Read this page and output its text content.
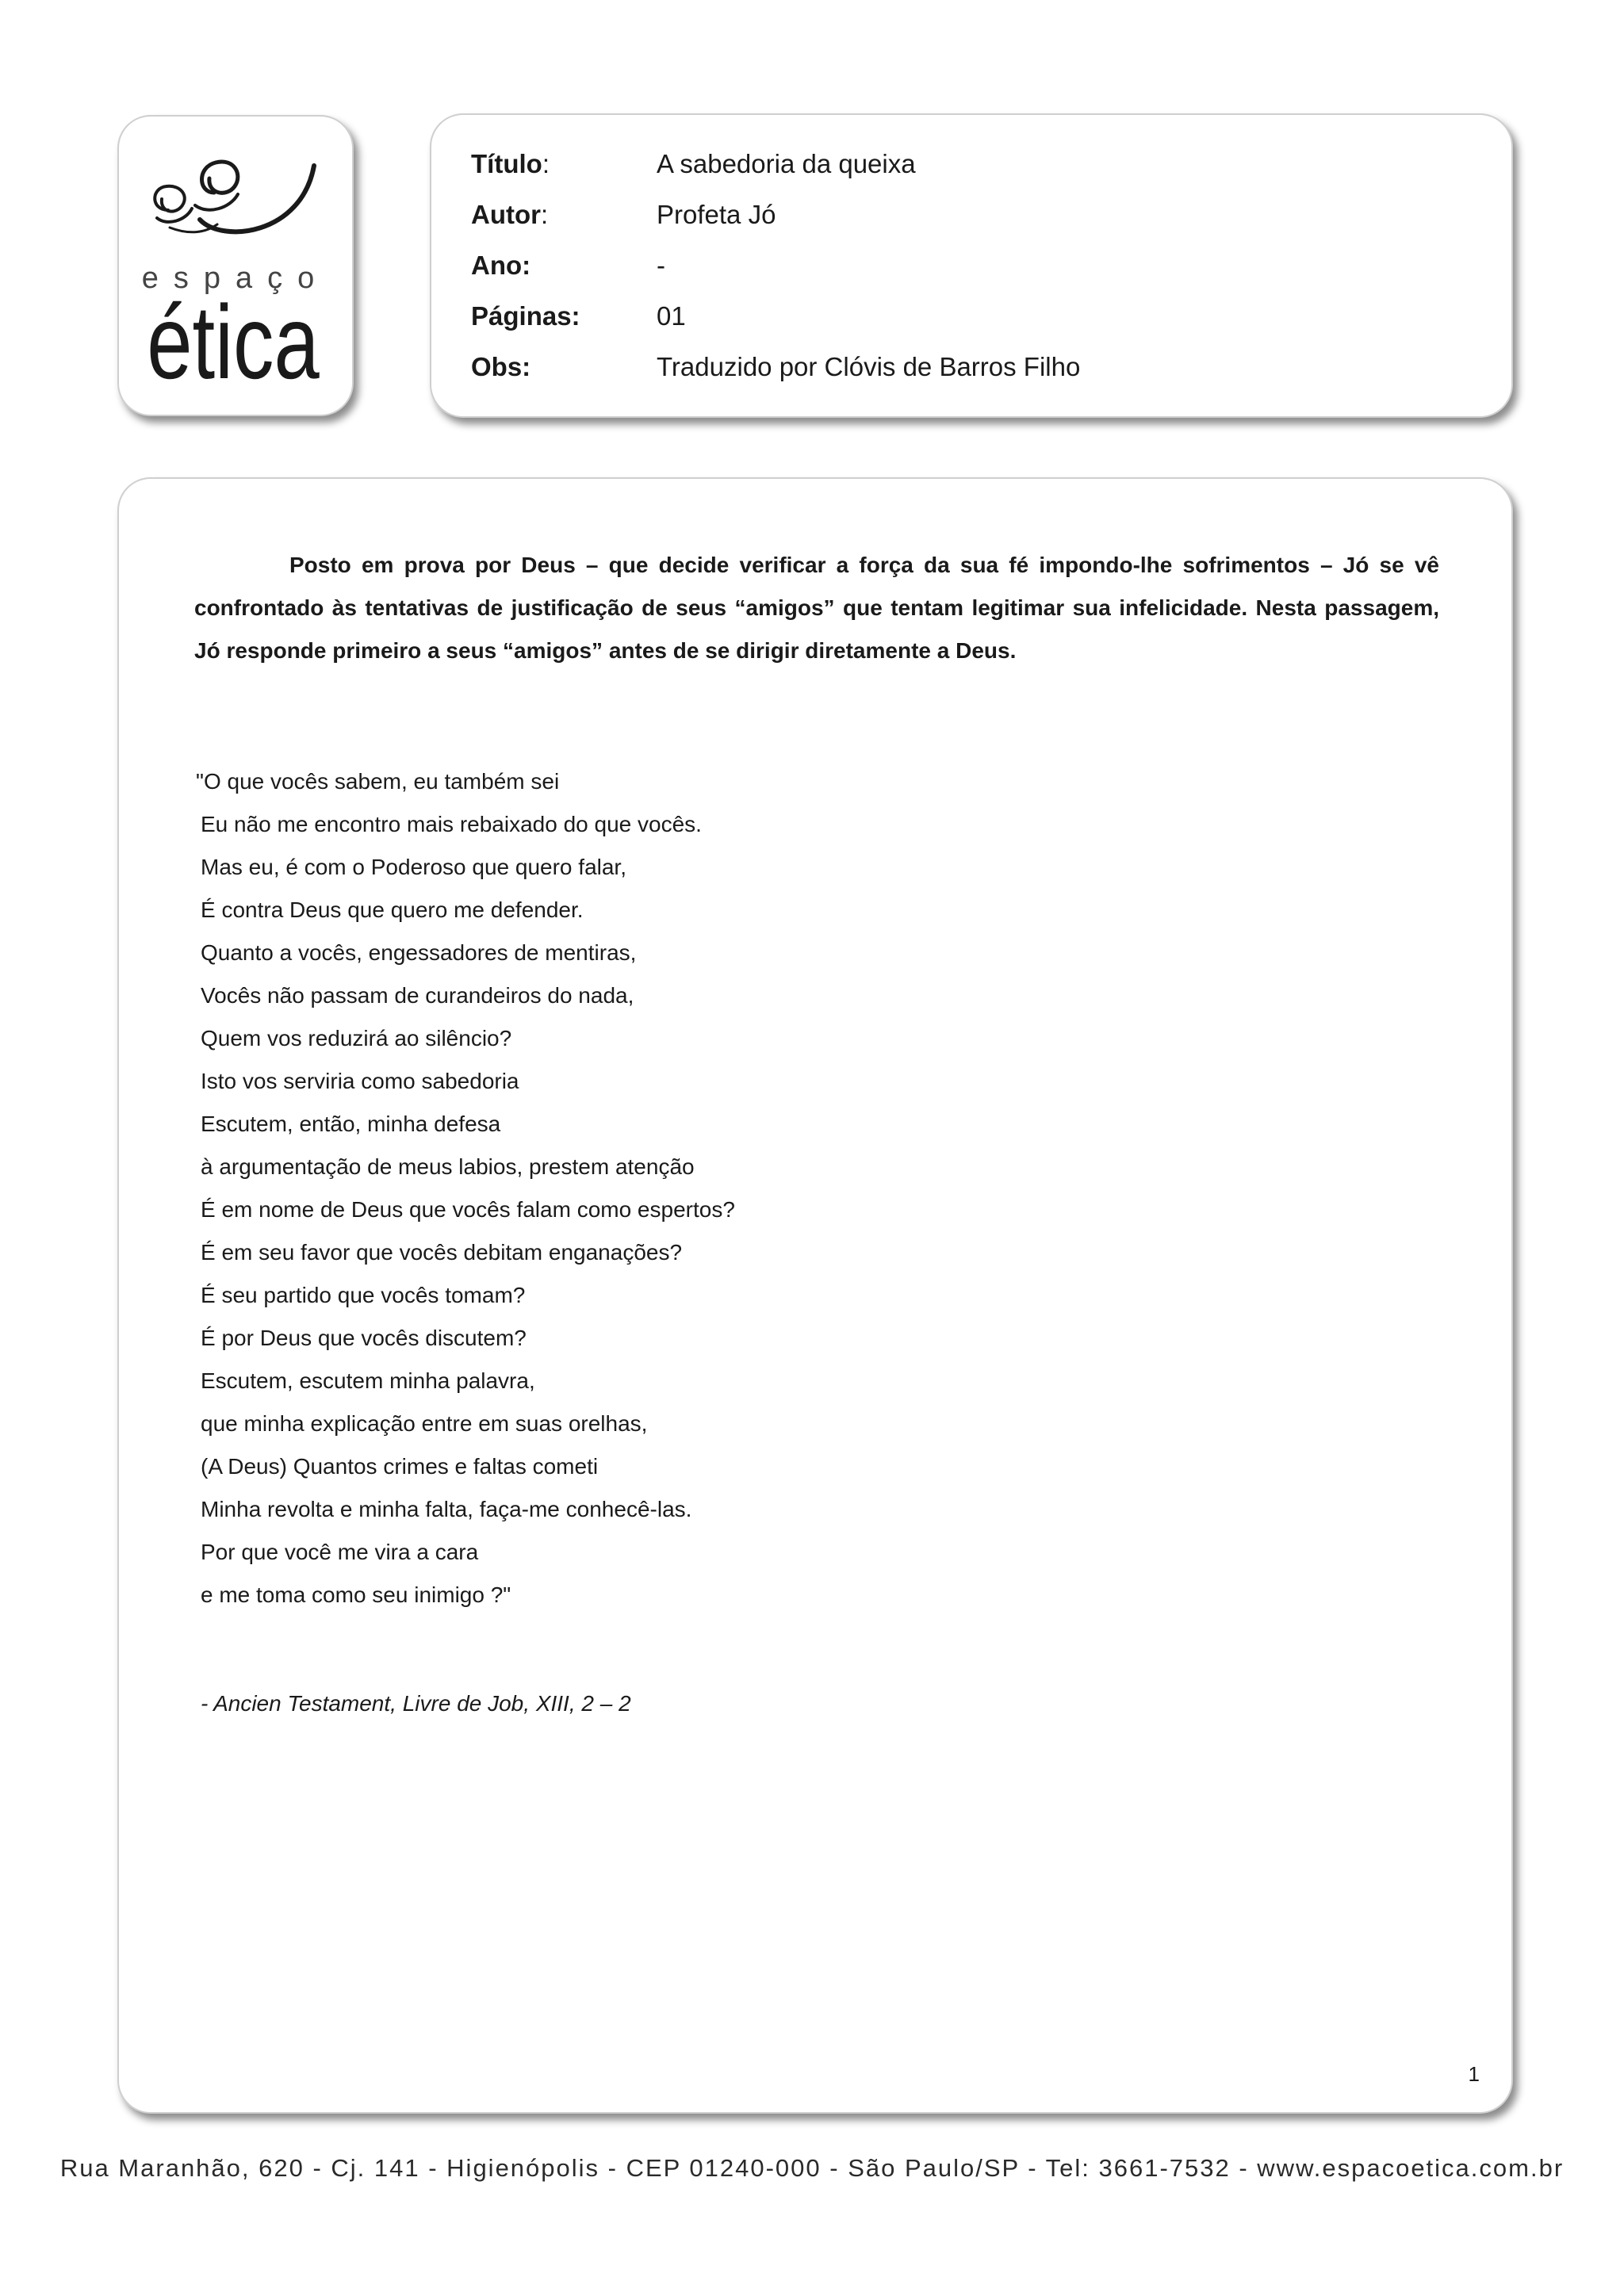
espaço
ética
Título:	A sabedoria da queixa
Autor:	Profeta Jó
Ano:	-
Páginas:	01
Obs:	Traduzido por Clóvis de Barros Filho

Posto em prova por Deus – que decide verificar a força da sua fé impondo-lhe sofrimentos – Jó se vê confrontado às tentativas de justificação de seus “amigos” que tentam legitimar sua infelicidade. Nesta passagem, Jó responde primeiro a seus “amigos” antes de se dirigir diretamente a Deus.

"O que vocês sabem, eu também sei
Eu não me encontro mais rebaixado do que vocês.
Mas eu, é com o Poderoso que quero falar,
É contra Deus que quero me defender.
Quanto a vocês, engessadores de mentiras,
Vocês não passam de curandeiros do nada,
Quem vos reduzirá ao silêncio?
Isto vos serviria como sabedoria
Escutem, então, minha defesa
à argumentação de meus labios, prestem atenção
É em nome de Deus que vocês falam como espertos?
É em seu favor que vocês debitam enganações?
É seu partido que vocês tomam?
É por Deus que vocês discutem?
Escutem, escutem minha palavra,
que minha explicação entre em suas orelhas,
(A Deus) Quantos crimes e faltas cometi
Minha revolta e minha falta, faça-me conhecê-las.
Por que você me vira a cara
e me toma como seu inimigo ?"
- Ancien Testament, Livre de Job, XIII, 2 – 2
1
Rua Maranhão, 620 - Cj. 141 - Higienópolis - CEP 01240-000 - São Paulo/SP - Tel: 3661-7532 - www.espacoetica.com.br
